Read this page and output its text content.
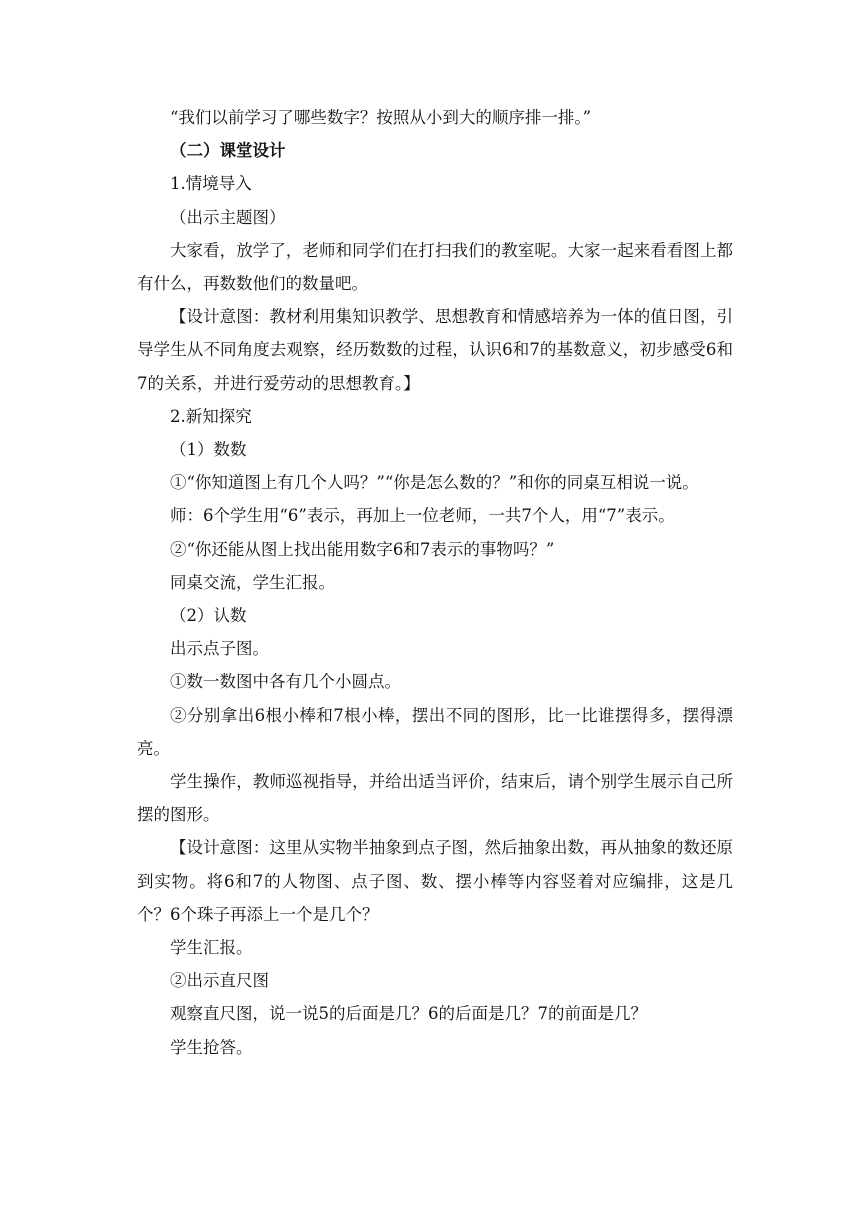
“我们以前学习了哪些数字？按照从小到大的顺序排一排。”

（二）课堂设计

1.情境导入

（出示主题图）

大家看，放学了，老师和同学们在打扫我们的教室呢。大家一起来看看图上都有什么，再数数他们的数量吧。

【设计意图：教材利用集知识教学、思想教育和情感培养为一体的值日图，引导学生从不同角度去观察，经历数数的过程，认识6和7的基数意义，初步感受6和7的关系，并进行爱劳动的思想教育。】

2.新知探究

（1）数数

①“你知道图上有几个人吗？”“你是怎么数的？”和你的同桌互相说一说。

师：6个学生用“6”表示，再加上一位老师，一共7个人，用“7”表示。

②“你还能从图上找出能用数字6和7表示的事物吗？”

同桌交流，学生汇报。

（2）认数

出示点子图。

①数一数图中各有几个小圆点。

②分别拿出6根小棒和7根小棒，摆出不同的图形，比一比谁摆得多，摆得漂亮。

学生操作，教师巡视指导，并给出适当评价，结束后，请个别学生展示自己所摆的图形。

【设计意图：这里从实物半抽象到点子图，然后抽象出数，再从抽象的数还原到实物。将6和7的人物图、点子图、数、摆小棒等内容竖着对应编排，这是几个？6个珠子再添上一个是几个？

学生汇报。

②出示直尺图

观察直尺图，说一说5的后面是几？6的后面是几？7的前面是几？

学生抢答。
